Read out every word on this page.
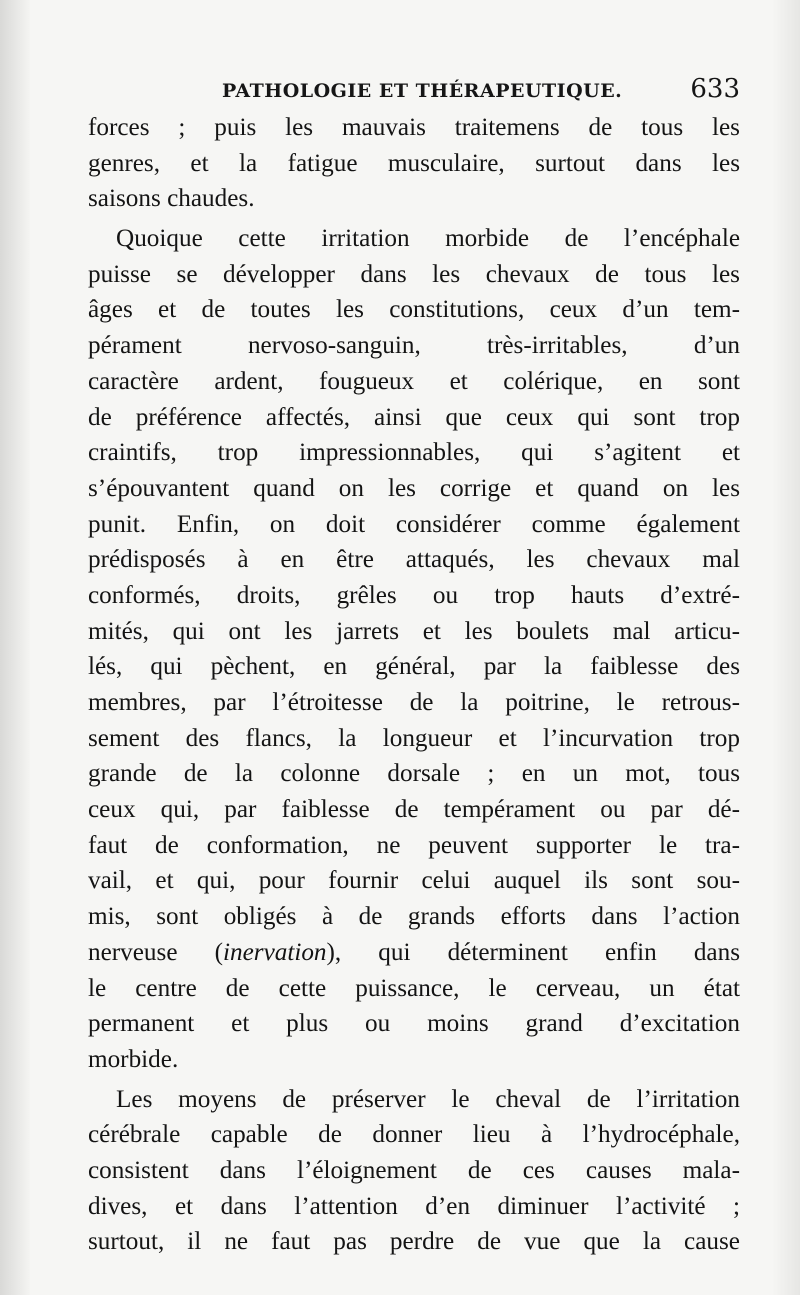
PATHOLOGIE ET THÉRAPEUTIQUE.	633
forces ; puis les mauvais traitemens de tous les
genres, et la fatigue musculaire, surtout dans les
saisons chaudes.
Quoique cette irritation morbide de l’encéphale
puisse se développer dans les chevaux de tous les
âges et de toutes les constitutions, ceux d’un tem-
pérament nervoso-sanguin, très-irritables, d’un
caractère ardent, fougueux et colérique, en sont
de préférence affectés, ainsi que ceux qui sont trop
craintifs, trop impressionnables, qui s’agitent et
s’épouvantent quand on les corrige et quand on les
punit. Enfin, on doit considérer comme également
prédisposés à en être attaqués, les chevaux mal
conformés, droits, grêles ou trop hauts d’extré-
mités, qui ont les jarrets et les boulets mal articu-
lés, qui pèchent, en général, par la faiblesse des
membres, par l’étroitesse de la poitrine, le retrous-
sement des flancs, la longueur et l’incurvation trop
grande de la colonne dorsale ; en un mot, tous
ceux qui, par faiblesse de tempérament ou par dé-
faut de conformation, ne peuvent supporter le tra-
vail, et qui, pour fournir celui auquel ils sont sou-
mis, sont obligés à de grands efforts dans l’action
nerveuse (inervation), qui déterminent enfin dans
le centre de cette puissance, le cerveau, un état
permanent et plus ou moins grand d’excitation
morbide.
Les moyens de préserver le cheval de l’irritation
cérébrale capable de donner lieu à l’hydrocéphale,
consistent dans l’éloignement de ces causes mala-
dives, et dans l’attention d’en diminuer l’activité ;
surtout, il ne faut pas perdre de vue que la cause
